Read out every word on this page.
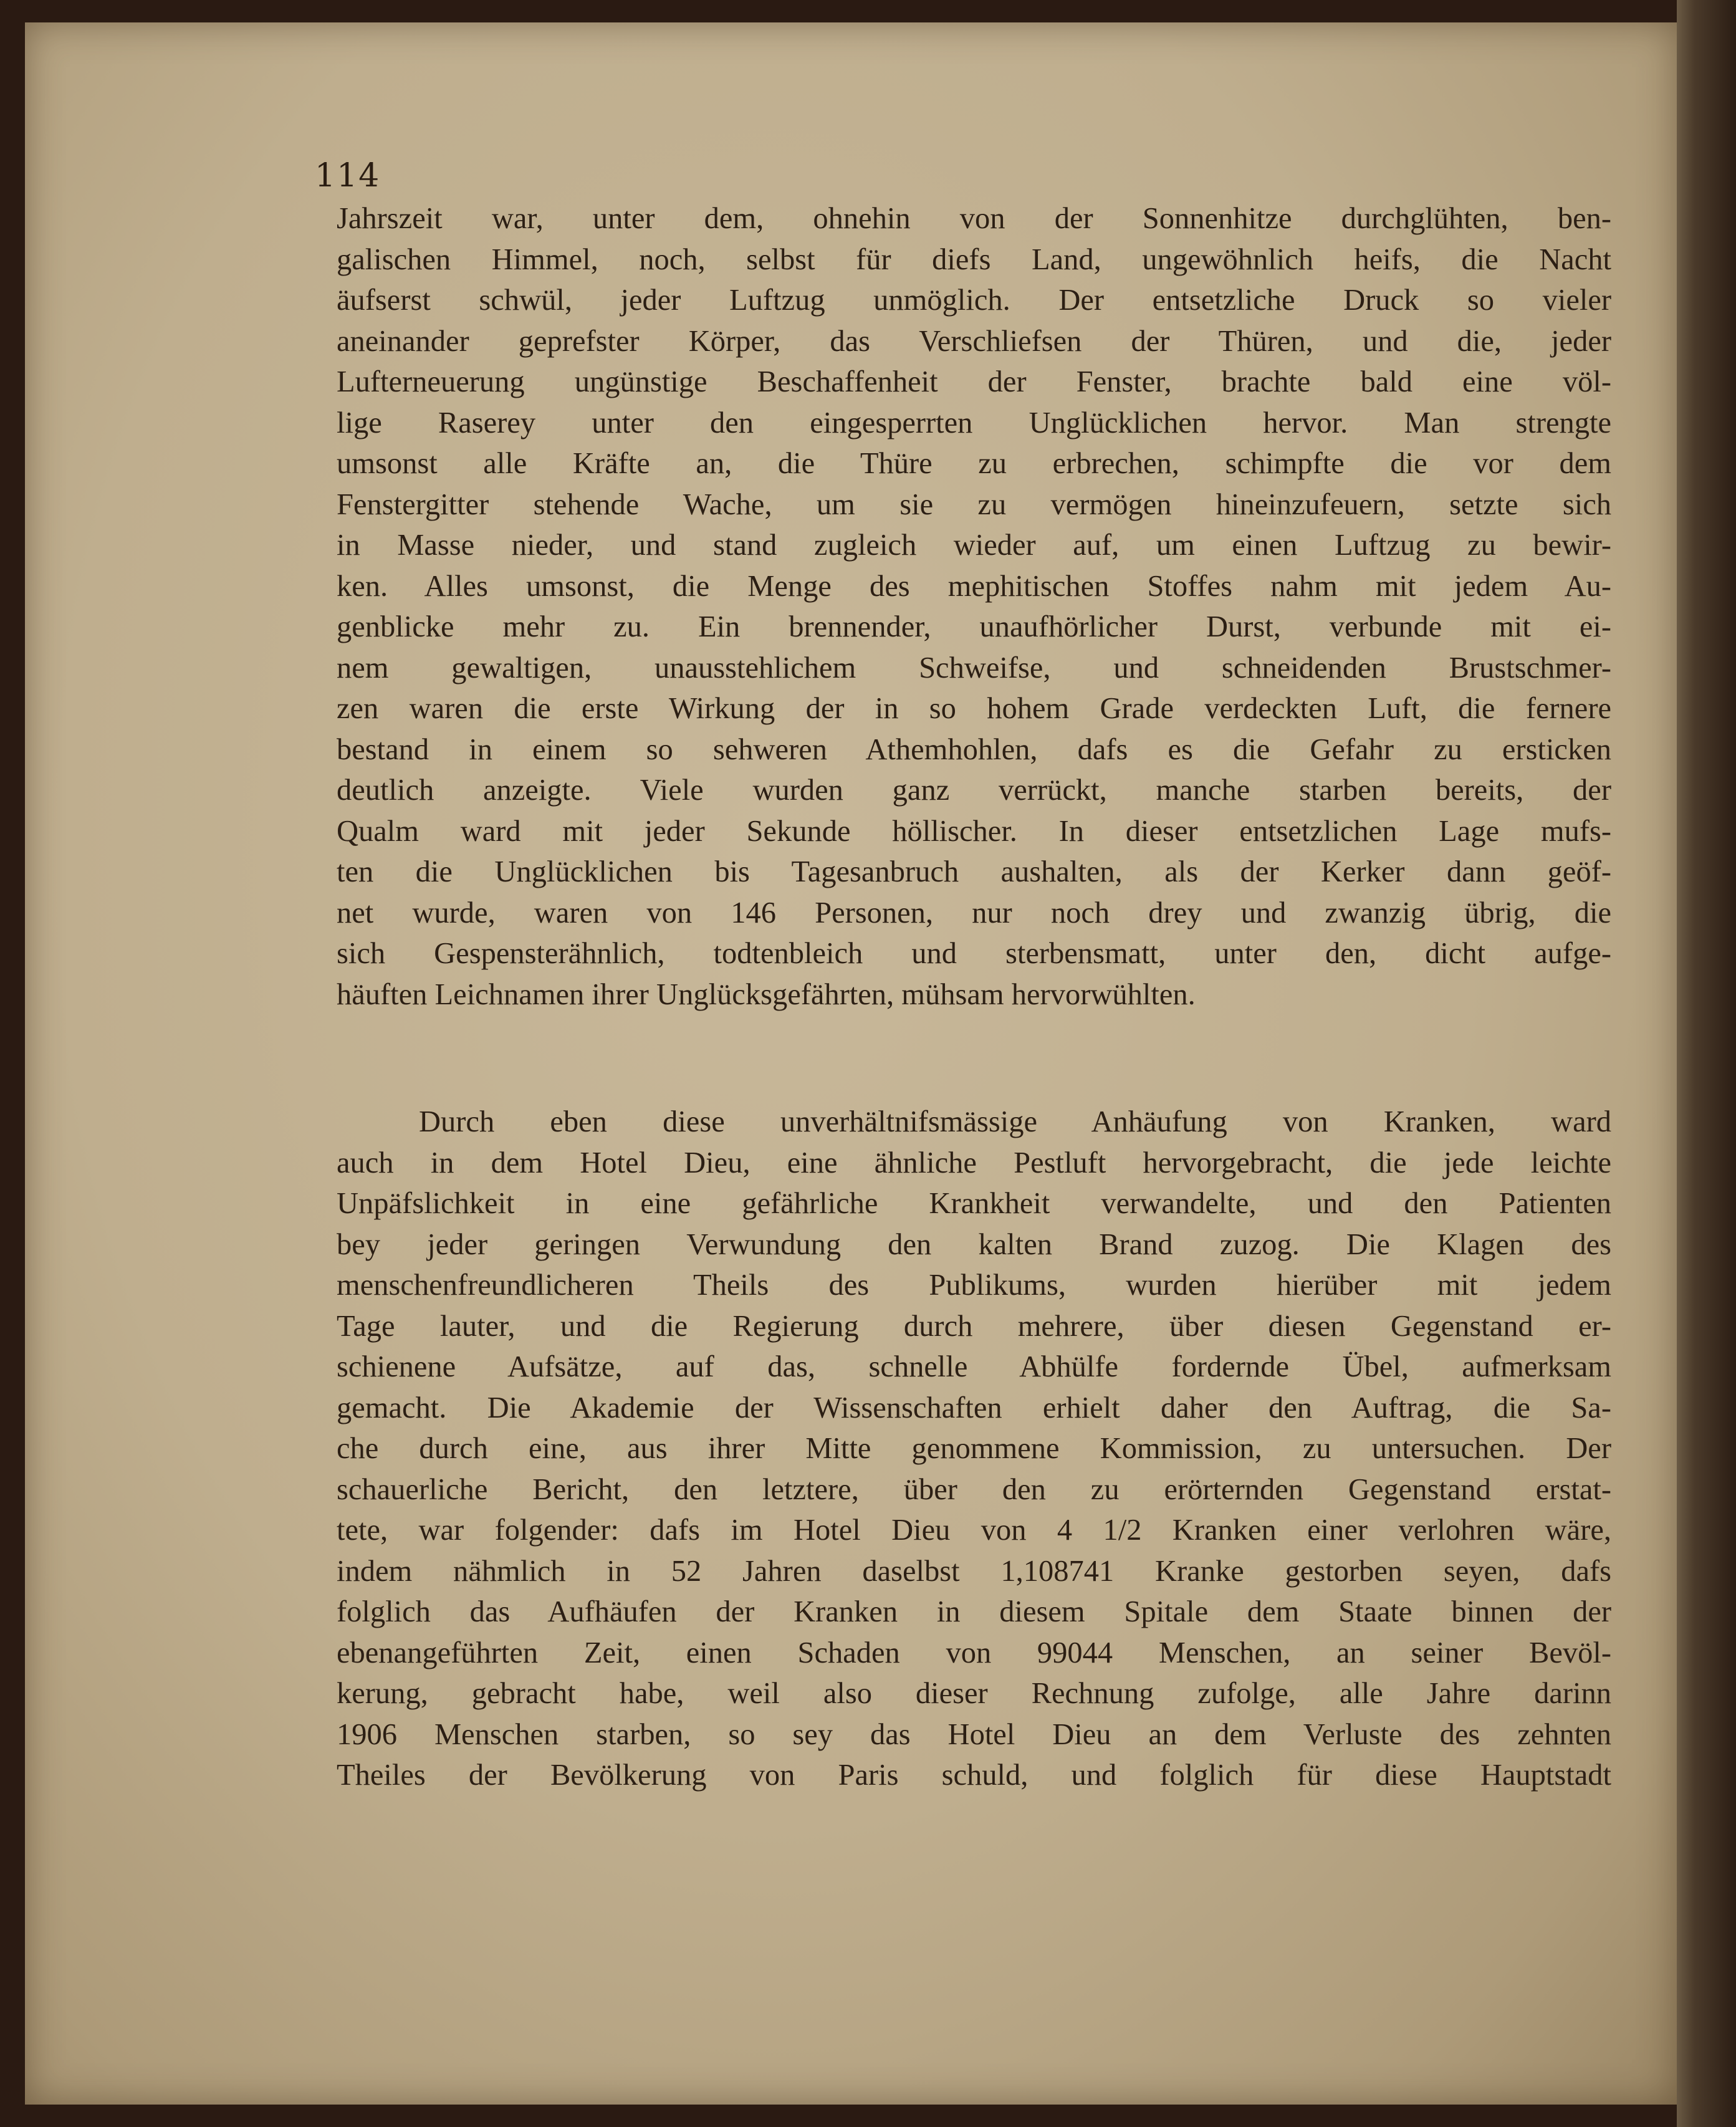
114
Jahrszeit war, unter dem, ohnehin von der Sonnenhitze durchglühten, ben-
galischen Himmel, noch, selbst für diefs Land, ungewöhnlich heifs, die Nacht
äufserst schwül, jeder Luftzug unmöglich. Der entsetzliche Druck so vieler
aneinander geprefster Körper, das Verschliefsen der Thüren, und die, jeder
Lufterneuerung ungünstige Beschaffenheit der Fenster, brachte bald eine völ-
lige Raserey unter den eingesperrten Unglücklichen hervor. Man strengte
umsonst alle Kräfte an, die Thüre zu erbrechen, schimpfte die vor dem
Fenstergitter stehende Wache, um sie zu vermögen hineinzufeuern, setzte sich
in Masse nieder, und stand zugleich wieder auf, um einen Luftzug zu bewir-
ken. Alles umsonst, die Menge des mephitischen Stoffes nahm mit jedem Au-
genblicke mehr zu. Ein brennender, unaufhörlicher Durst, verbunde mit ei-
nem gewaltigen, unausstehlichem Schweifse, und schneidenden Brustschmer-
zen waren die erste Wirkung der in so hohem Grade verdeckten Luft, die fernere
bestand in einem so sehweren Athemhohlen, dafs es die Gefahr zu ersticken
deutlich anzeigte. Viele wurden ganz verrückt, manche starben bereits, der
Qualm ward mit jeder Sekunde höllischer. In dieser entsetzlichen Lage mufs-
ten die Unglücklichen bis Tagesanbruch aushalten, als der Kerker dann geöf-
net wurde, waren von 146 Personen, nur noch drey und zwanzig übrig, die
sich Gespensterähnlich, todtenbleich und sterbensmatt, unter den, dicht aufge-
häuften Leichnamen ihrer Unglücksgefährten, mühsam hervorwühlten.
Durch eben diese unverhältnifsmässige Anhäufung von Kranken, ward
auch in dem Hotel Dieu, eine ähnliche Pestluft hervorgebracht, die jede leichte
Unpäfslichkeit in eine gefährliche Krankheit verwandelte, und den Patienten
bey jeder geringen Verwundung den kalten Brand zuzog. Die Klagen des
menschenfreundlicheren Theils des Publikums, wurden hierüber mit jedem
Tage lauter, und die Regierung durch mehrere, über diesen Gegenstand er-
schienene Aufsätze, auf das, schnelle Abhülfe fordernde Übel, aufmerksam
gemacht. Die Akademie der Wissenschaften erhielt daher den Auftrag, die Sa-
che durch eine, aus ihrer Mitte genommene Kommission, zu untersuchen. Der
schauerliche Bericht, den letztere, über den zu erörternden Gegenstand erstat-
tete, war folgender: dafs im Hotel Dieu von 4 1/2 Kranken einer verlohren wäre,
indem nähmlich in 52 Jahren daselbst 1,108741 Kranke gestorben seyen, dafs
folglich das Aufhäufen der Kranken in diesem Spitale dem Staate binnen der
ebenangeführten Zeit, einen Schaden von 99044 Menschen, an seiner Bevöl-
kerung, gebracht habe, weil also dieser Rechnung zufolge, alle Jahre darinn
1906 Menschen starben, so sey das Hotel Dieu an dem Verluste des zehnten
Theiles der Bevölkerung von Paris schuld, und folglich für diese Hauptstadt
